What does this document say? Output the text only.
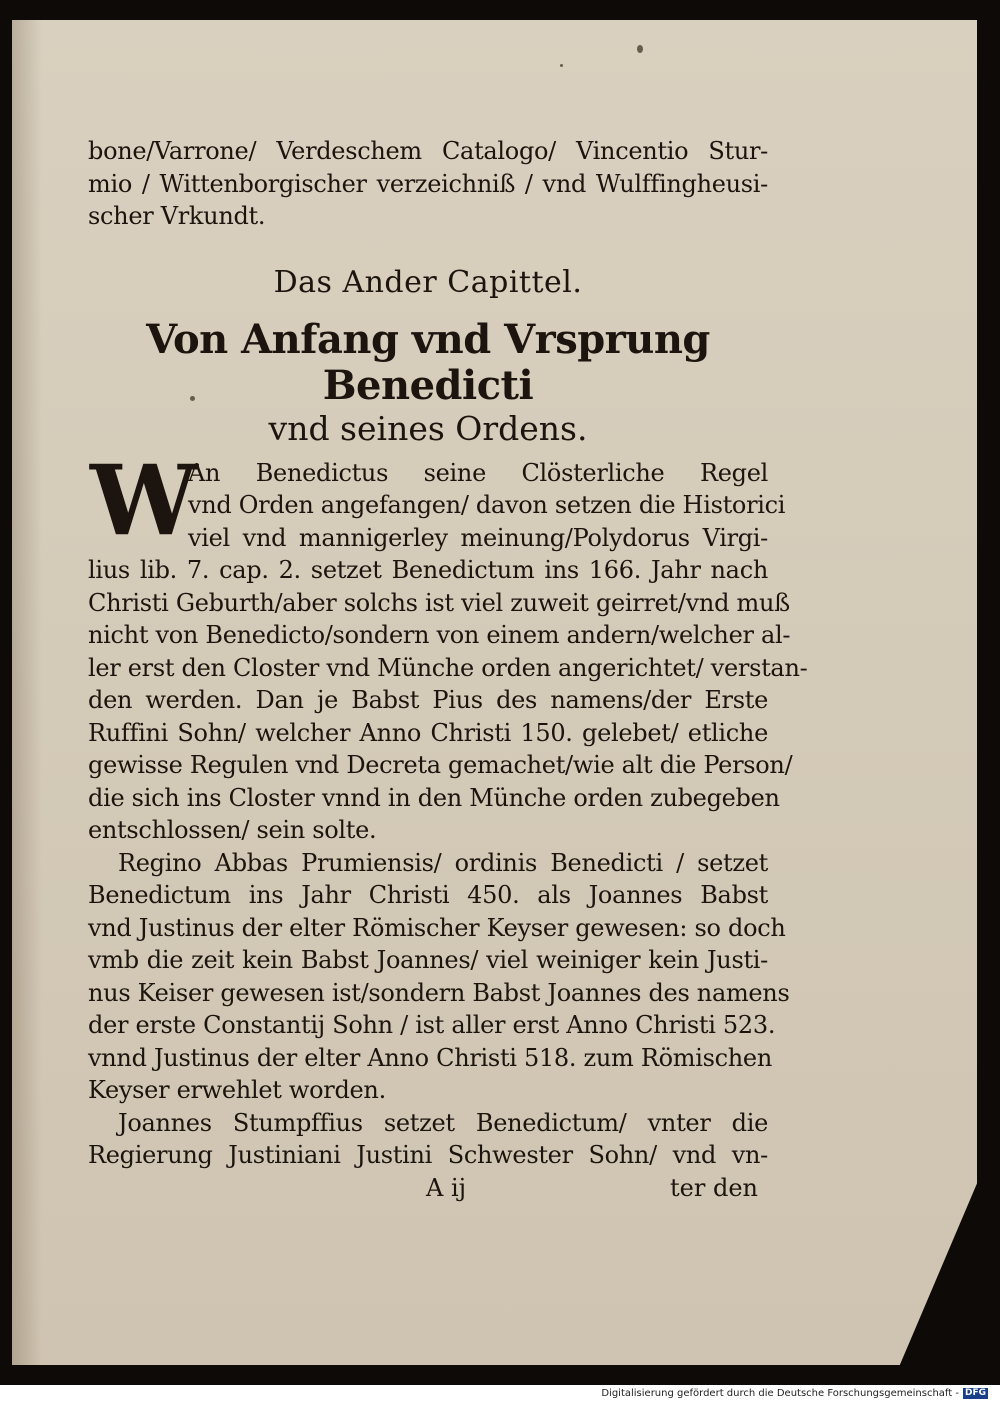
bone/Varrone/ Verdeschem Catalogo/ Vincentio Stur-
mio / Wittenborgischer verzeichniß / vnd Wulffingheusi-
scher Vrkundt.
Das Ander Capittel.
Von Anfang vnd Vrsprung Benedicti
vnd seines Ordens.
W
An Benedictus seine Clösterliche Regel
vnd Orden angefangen/ davon setzen die Historici
viel vnd mannigerley meinung/Polydorus Virgi-
lius lib. 7. cap. 2. setzet Benedictum ins 166. Jahr nach
Christi Geburth/aber solchs ist viel zuweit geirret/vnd muß
nicht von Benedicto/sondern von einem andern/welcher al-
ler erst den Closter vnd Münche orden angerichtet/ verstan-
den werden. Dan je Babst Pius des namens/der Erste
Ruffini Sohn/ welcher Anno Christi 150. gelebet/ etliche
gewisse Regulen vnd Decreta gemachet/wie alt die Person/
die sich ins Closter vnnd in den Münche orden zubegeben
entschlossen/ sein solte.
Regino Abbas Prumiensis/ ordinis Benedicti / setzet
Benedictum ins Jahr Christi 450. als Joannes Babst
vnd Justinus der elter Römischer Keyser gewesen: so doch
vmb die zeit kein Babst Joannes/ viel weiniger kein Justi-
nus Keiser gewesen ist/sondern Babst Joannes des namens
der erste Constantij Sohn / ist aller erst Anno Christi 523.
vnnd Justinus der elter Anno Christi 518. zum Römischen
Keyser erwehlet worden.
Joannes Stumpffius setzet Benedictum/ vnter die
Regierung Justiniani Justini Schwester Sohn/ vnd vn-
A ij	ter den
Digitalisierung gefördert durch die Deutsche Forschungsgemeinschaft - DFG
